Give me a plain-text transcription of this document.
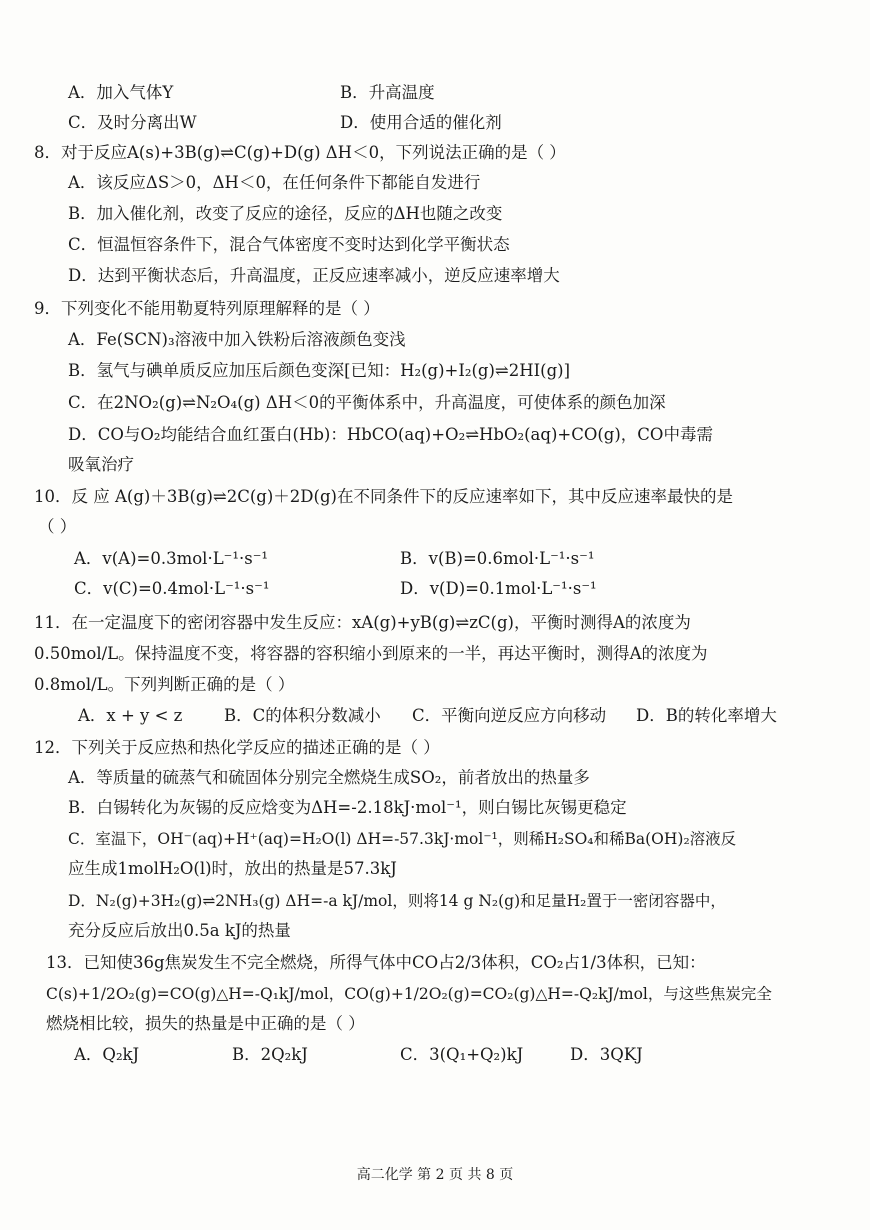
A．加入气体Y	B．升高温度
C．及时分离出W	D．使用合适的催化剂
8．对于反应A(s)+3B(g)⇌C(g)+D(g) ΔH＜0，下列说法正确的是（ ）
A．该反应ΔS＞0，ΔH＜0，在任何条件下都能自发进行
B．加入催化剂，改变了反应的途径，反应的ΔH也随之改变
C．恒温恒容条件下，混合气体密度不变时达到化学平衡状态
D．达到平衡状态后，升高温度，正反应速率减小，逆反应速率增大
9．下列变化不能用勒夏特列原理解释的是（ ）
A．Fe(SCN)₃溶液中加入铁粉后溶液颜色变浅
B．氢气与碘单质反应加压后颜色变深[已知：H₂(g)+I₂(g)⇌2HI(g)]
C．在2NO₂(g)⇌N₂O₄(g) ΔH＜0的平衡体系中，升高温度，可使体系的颜色加深
D．CO与O₂均能结合血红蛋白(Hb)：HbCO(aq)+O₂⇌HbO₂(aq)+CO(g)，CO中毒需
吸氧治疗
10．反 应 A(g)＋3B(g)⇌2C(g)＋2D(g)在不同条件下的反应速率如下，其中反应速率最快的是
（ ）
A．v(A)=0.3mol·L⁻¹·s⁻¹	B．v(B)=0.6mol·L⁻¹·s⁻¹
C．v(C)=0.4mol·L⁻¹·s⁻¹	D．v(D)=0.1mol·L⁻¹·s⁻¹
11．在一定温度下的密闭容器中发生反应：xA(g)+yB(g)⇌zC(g)，平衡时测得A的浓度为
0.50mol/L。保持温度不变，将容器的容积缩小到原来的一半，再达平衡时，测得A的浓度为
0.8mol/L。下列判断正确的是（ ）
A．x + y < z	B．C的体积分数减小 C．平衡向逆反应方向移动 D．B的转化率增大
12．下列关于反应热和热化学反应的描述正确的是（ ）
A．等质量的硫蒸气和硫固体分别完全燃烧生成SO₂，前者放出的热量多
B．白锡转化为灰锡的反应焓变为ΔH=-2.18kJ·mol⁻¹，则白锡比灰锡更稳定
C．室温下，OH⁻(aq)+H⁺(aq)=H₂O(l) ΔH=-57.3kJ·mol⁻¹，则稀H₂SO₄和稀Ba(OH)₂溶液反
应生成1molH₂O(l)时，放出的热量是57.3kJ
D．N₂(g)+3H₂(g)⇌2NH₃(g) ΔH=-a kJ/mol，则将14 g N₂(g)和足量H₂置于一密闭容器中，
充分反应后放出0.5a kJ的热量
13．已知使36g焦炭发生不完全燃烧，所得气体中CO占2/3体积，CO₂占1/3体积，已知：
C(s)+1/2O₂(g)=CO(g)△H=-Q₁kJ/mol，CO(g)+1/2O₂(g)=CO₂(g)△H=-Q₂kJ/mol，与这些焦炭完全
燃烧相比较，损失的热量是中正确的是（ ）
A．Q₂kJ	B．2Q₂kJ	C．3(Q₁+Q₂)kJ	D．3QKJ
高二化学 第 2 页 共 8 页
